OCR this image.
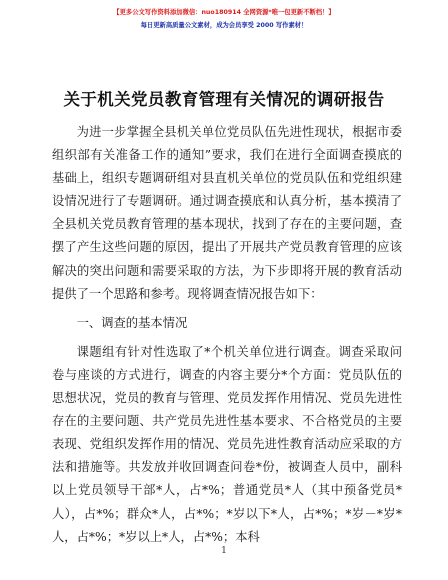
【更多公文写作资料添加微信：nuo180914 全网资源*唯一包更新不断档！】
每日更新高质量公文素材，成为会员享受 2000 写作素材！
关于机关党员教育管理有关情况的调研报告

为进一步掌握全县机关单位党员队伍先进性现状，根据市委组织部有关准备工作的通知”要求，我们在进行全面调查摸底的基础上，组织专题调研组对县直机关单位的党员队伍和党组织建设情况进行了专题调研。通过调查摸底和认真分析，基本摸清了全县机关党员教育管理的基本现状，找到了存在的主要问题，查摆了产生这些问题的原因，提出了开展共产党员教育管理的应该解决的突出问题和需要采取的方法，为下步即将开展的教育活动提供了一个思路和参考。现将调查情况报告如下：

一、调查的基本情况

课题组有针对性选取了*个机关单位进行调查。调查采取问卷与座谈的方式进行，调查的内容主要分*个方面：党员队伍的思想状况，党员的教育与管理、党员发挥作用情况、党员先进性存在的主要问题、共产党员先进性基本要求、不合格党员的主要表现、党组织发挥作用的情况、党员先进性教育活动应采取的方法和措施等。共发放并收回调查问卷*份，被调查人员中，副科以上党员领导干部*人，占*%；普通党员*人（其中预备党员*人），占*%；群众*人，占*%；*岁以下*人，占*%；*岁－*岁*人，占*%；*岁以上*人，占*%；本科

1
